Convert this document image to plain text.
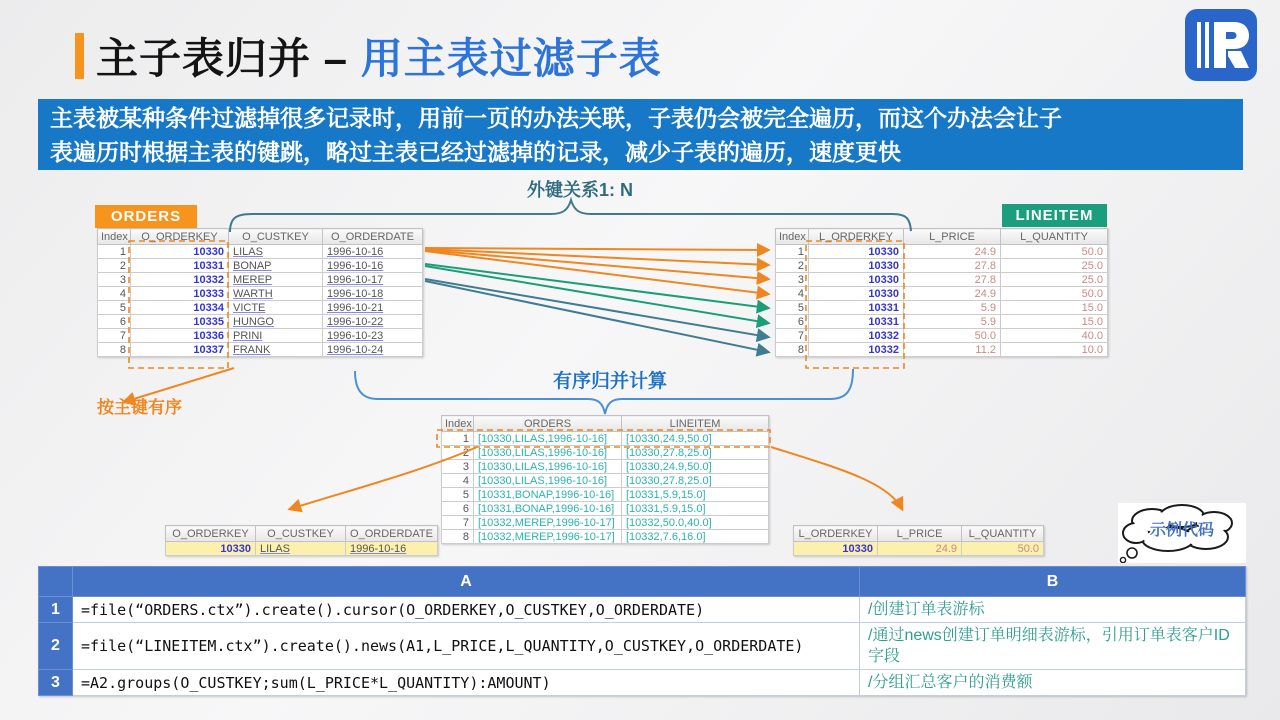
主子表归并 – 用主表过滤子表
主表被某种条件过滤掉很多记录时，用前一页的办法关联，子表仍会被完全遍历，而这个办法会让子
表遍历时根据主表的键跳，略过主表已经过滤掉的记录，减少子表的遍历，速度更快
ORDERS	LINEITEM
Index	O_ORDERKEY	O_CUSTKEY	O_ORDERDATE
1	10330	LILAS	1996-10-16
2	10331	BONAP	1996-10-16
3	10332	MEREP	1996-10-17
4	10333	WARTH	1996-10-18
5	10334	VICTE	1996-10-21
6	10335	HUNGO	1996-10-22
7	10336	PRINI	1996-10-23
8	10337	FRANK	1996-10-24
Index	L_ORDERKEY	L_PRICE	L_QUANTITY
1	10330	24.9	50.0
2	10330	27.8	25.0
3	10330	27.8	25.0
4	10330	24.9	50.0
5	10331	5.9	15.0
6	10331	5.9	15.0
7	10332	50.0	40.0
8	10332	11.2	10.0
Index	ORDERS	LINEITEM
1	[10330,LILAS,1996-10-16]	[10330,24.9,50.0]
2	[10330,LILAS,1996-10-16]	[10330,27.8,25.0]
3	[10330,LILAS,1996-10-16]	[10330,24.9,50.0]
4	[10330,LILAS,1996-10-16]	[10330,27.8,25.0]
5	[10331,BONAP,1996-10-16]	[10331,5.9,15.0]
6	[10331,BONAP,1996-10-16]	[10331,5.9,15.0]
7	[10332,MEREP,1996-10-17]	[10332,50.0,40.0]
8	[10332,MEREP,1996-10-17]	[10332,7.6,16.0]
O_ORDERKEY	O_CUSTKEY	O_ORDERDATE
10330	LILAS	1996-10-16
L_ORDERKEY	L_PRICE	L_QUANTITY
10330	24.9	50.0
外键关系1: N
有序归并计算
按主键有序
示例代码
	A	B
1	=file(“ORDERS.ctx”).create().cursor(O_ORDERKEY,O_CUSTKEY,O_ORDERDATE)	/创建订单表游标
2	=file(“LINEITEM.ctx”).create().news(A1,L_PRICE,L_QUANTITY,O_CUSTKEY,O_ORDERDATE)	/通过news创建订单明细表游标，引用订单表客户ID字段
3	=A2.groups(O_CUSTKEY;sum(L_PRICE*L_QUANTITY):AMOUNT)	/分组汇总客户的消费额
